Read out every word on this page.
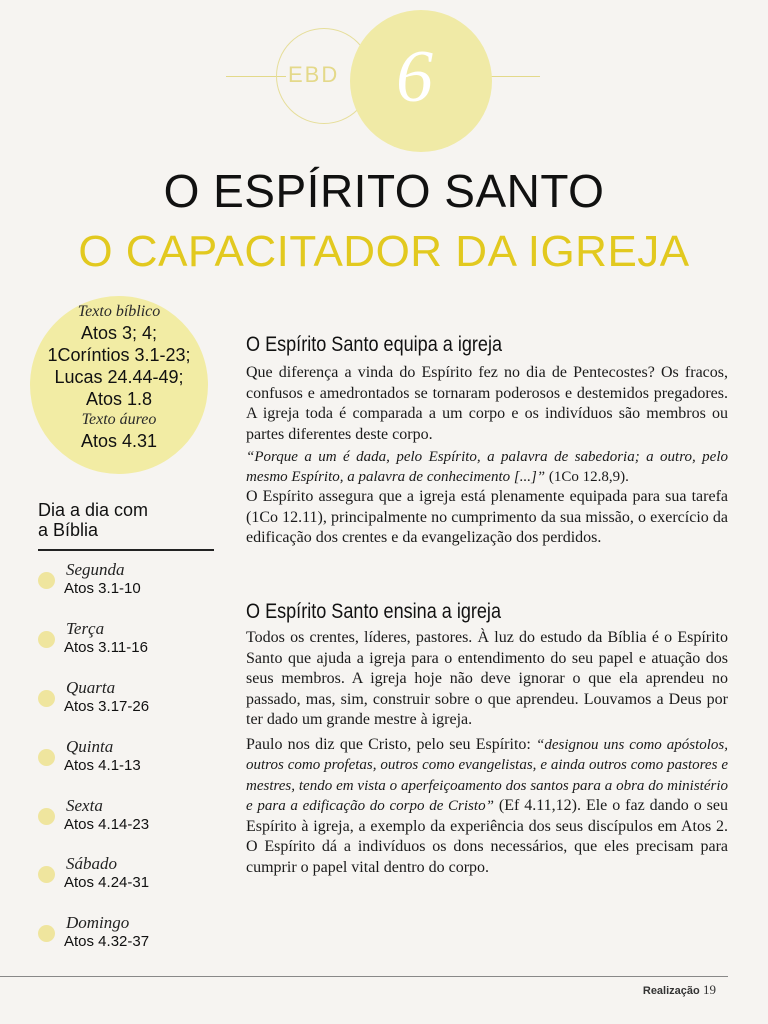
EBD 6
O ESPÍRITO SANTO
O CAPACITADOR DA IGREJA
Texto bíblico
Atos 3; 4;
1Coríntios 3.1-23;
Lucas 24.44-49;
Atos 1.8
Texto áureo
Atos 4.31
Dia a dia com
a Bíblia
Segunda
Atos 3.1-10
Terça
Atos 3.11-16
Quarta
Atos 3.17-26
Quinta
Atos 4.1-13
Sexta
Atos 4.14-23
Sábado
Atos 4.24-31
Domingo
Atos 4.32-37
O Espírito Santo equipa a igreja

Que diferença a vinda do Espírito fez no dia de Pentecostes? Os fracos, confusos e amedrontados se tornaram poderosos e destemidos pregadores. A igreja toda é comparada a um corpo e os indivíduos são membros ou partes diferentes deste corpo.

“Porque a um é dada, pelo Espírito, a palavra de sabedoria; a outro, pelo mesmo Espírito, a palavra de conhecimento [...]” (1Co 12.8,9).

O Espírito assegura que a igreja está plenamente equipada para sua tarefa (1Co 12.11), principalmente no cumprimento da sua missão, o exercício da edificação dos crentes e da evangelização dos perdidos.

O Espírito Santo ensina a igreja

Todos os crentes, líderes, pastores. À luz do estudo da Bíblia é o Espírito Santo que ajuda a igreja para o entendimento do seu papel e atuação dos seus membros. A igreja hoje não deve ignorar o que ela aprendeu no passado, mas, sim, construir sobre o que aprendeu. Louvamos a Deus por ter dado um grande mestre à igreja.

Paulo nos diz que Cristo, pelo seu Espírito: “designou uns como apóstolos, outros como profetas, outros como evangelistas, e ainda outros como pastores e mestres, tendo em vista o aperfeiçoamento dos santos para a obra do ministério e para a edificação do corpo de Cristo” (Ef 4.11,12). Ele o faz dando o seu Espírito à igreja, a exemplo da experiência dos seus discípulos em Atos 2. O Espírito dá a indivíduos os dons necessários, que eles precisam para cumprir o papel vital dentro do corpo.

Realização 19
